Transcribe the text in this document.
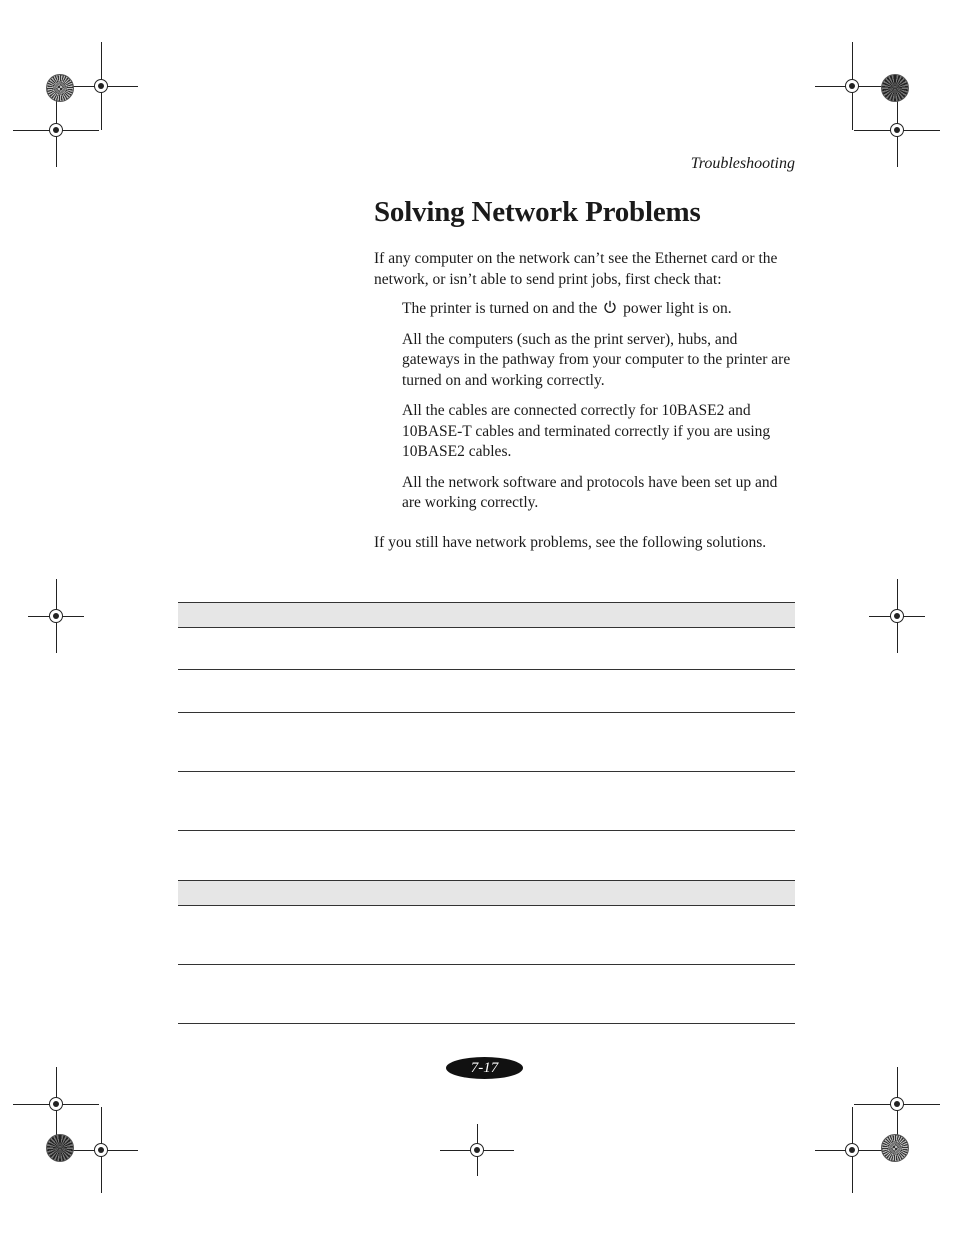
Troubleshooting
Solving Network Problems

If any computer on the network can’t see the Ethernet card or the network, or isn’t able to send print jobs, first check that:

The printer is turned on and the power light is on.
All the computers (such as the print server), hubs, and gateways in the pathway from your computer to the printer are turned on and working correctly.
All the cables are connected correctly for 10BASE2 and 10BASE-T cables and terminated correctly if you are using 10BASE2 cables.
All the network software and protocols have been set up and are working correctly.

If you still have network problems, see the following solutions.

7-17
